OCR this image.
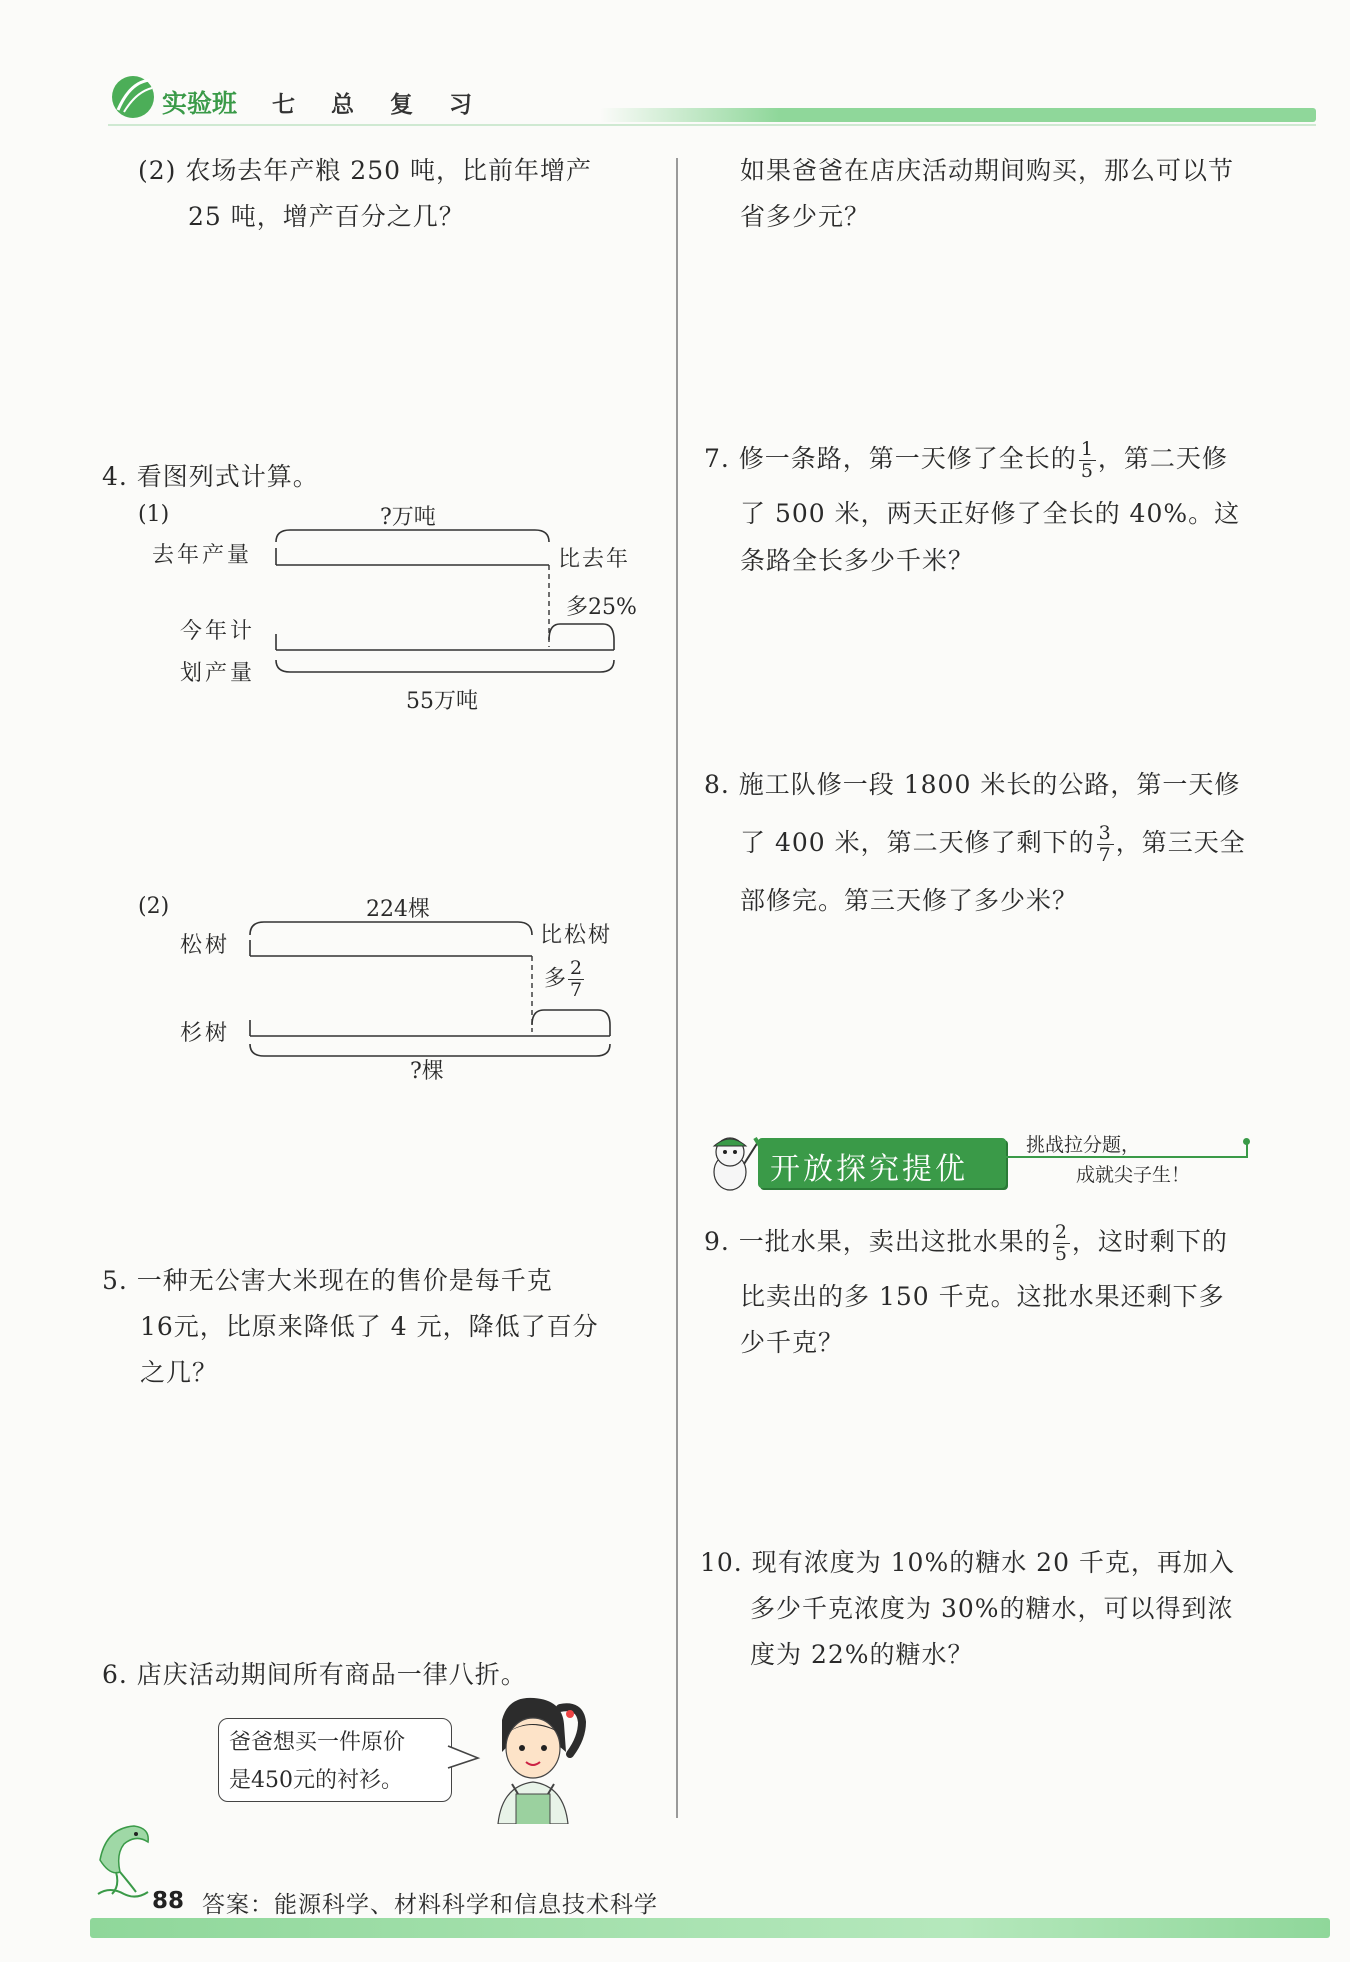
实验班 七 总 复 习
(2) 农场去年产粮 250 吨，比前年增产
25 吨，增产百分之几？
4. 看图列式计算。
(1)	?万吨
去年产量	比去年
多25%
今年计
划产量
55万吨
(2)	224棵
松树	比松树
多 $\frac{2}{7}$
杉树
?棵
5. 一种无公害大米现在的售价是每千克
16元，比原来降低了 4 元，降低了百分
之几？
6. 店庆活动期间所有商品一律八折。
爸爸想买一件原价
是450元的衬衫。
如果爸爸在店庆活动期间购买，那么可以节
省多少元？
7. 修一条路，第一天修了全长的 $\frac{1}{5}$ ，第二天修
了 500 米，两天正好修了全长的 40%。这
条路全长多少千米？
8. 施工队修一段 1800 米长的公路，第一天修
了 400 米，第二天修了剩下的 $\frac{3}{7}$ ，第三天全
部修完。第三天修了多少米？
开放探究提优
挑战拉分题，
成就尖子生！
9. 一批水果，卖出这批水果的 $\frac{2}{5}$ ，这时剩下的
比卖出的多 150 千克。这批水果还剩下多
少千克？
10. 现有浓度为 10%的糖水 20 千克，再加入
多少千克浓度为 30%的糖水，可以得到浓
度为 22%的糖水？
88 答案：能源科学、材料科学和信息技术科学
